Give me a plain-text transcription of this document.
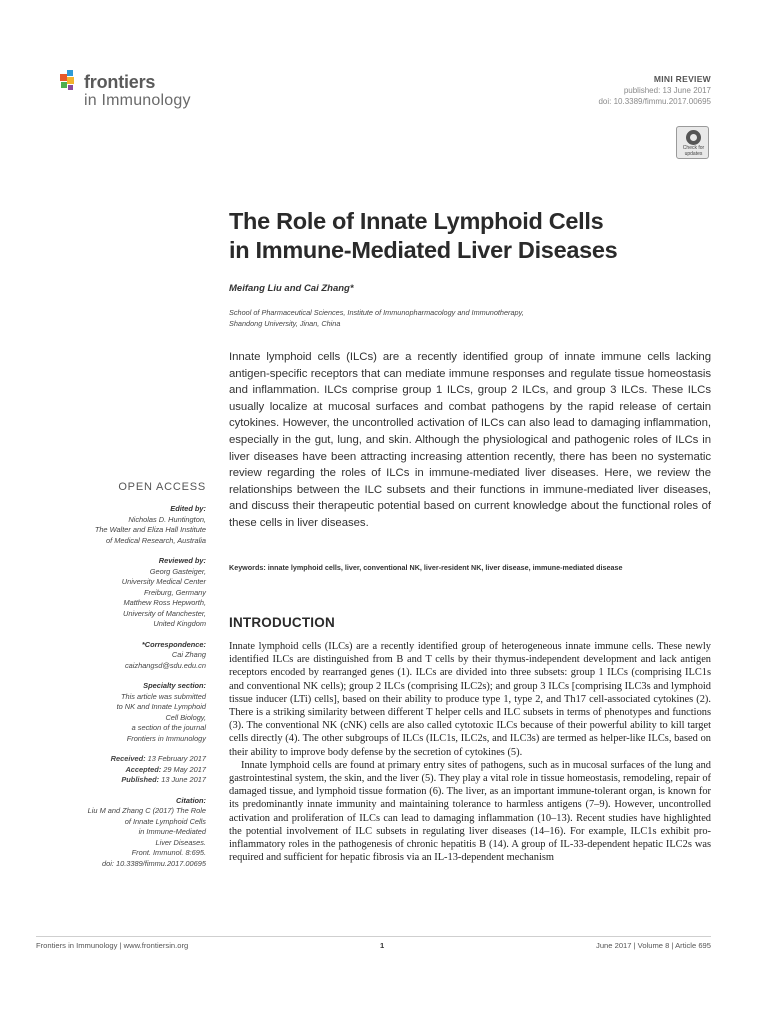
frontiers
in Immunology
MINI REVIEW
published: 13 June 2017
doi: 10.3389/fimmu.2017.00695
Check for
updates
The Role of Innate Lymphoid Cells
in Immune-Mediated Liver Diseases
Meifang Liu and Cai Zhang*
School of Pharmaceutical Sciences, Institute of Immunopharmacology and Immunotherapy,
Shandong University, Jinan, China
Innate lymphoid cells (ILCs) are a recently identified group of innate immune cells lacking antigen-specific receptors that can mediate immune responses and regulate tissue homeostasis and inflammation. ILCs comprise group 1 ILCs, group 2 ILCs, and group 3 ILCs. These ILCs usually localize at mucosal surfaces and combat pathogens by the rapid release of certain cytokines. However, the uncontrolled activation of ILCs can also lead to damaging inflammation, especially in the gut, lung, and skin. Although the physiological and pathogenic roles of ILCs in liver diseases have been attracting increasing attention recently, there has been no systematic review regarding the roles of ILCs in immune-mediated liver diseases. Here, we review the relationships between the ILC subsets and their functions in immune-mediated liver diseases, and discuss their therapeutic potential based on current knowledge about the functional roles of these cells in liver diseases.
Keywords: innate lymphoid cells, liver, conventional NK, liver-resident NK, liver disease, immune-mediated disease
OPEN ACCESS
Edited by:
Nicholas D. Huntington,
The Walter and Eliza Hall Institute
of Medical Research, Australia
Reviewed by:
Georg Gasteiger,
University Medical Center
Freiburg, Germany
Matthew Ross Hepworth,
University of Manchester,
United Kingdom
*Correspondence:
Cai Zhang
caizhangsd@sdu.edu.cn
Specialty section:
This article was submitted
to NK and Innate Lymphoid
Cell Biology,
a section of the journal
Frontiers in Immunology
Received: 13 February 2017
Accepted: 29 May 2017
Published: 13 June 2017
Citation:
Liu M and Zhang C (2017) The Role
of Innate Lymphoid Cells
in Immune-Mediated
Liver Diseases.
Front. Immunol. 8:695.
doi: 10.3389/fimmu.2017.00695
INTRODUCTION

Innate lymphoid cells (ILCs) are a recently identified group of heterogeneous innate immune cells. These newly identified ILCs are distinguished from B and T cells by their thymus-independent development and lack antigen receptors encoded by rearranged genes (1). ILCs are divided into three subsets: group 1 ILCs (comprising ILC1s and conventional NK cells); group 2 ILCs (comprising ILC2s); and group 3 ILCs [comprising ILC3s and lymphoid tissue inducer (LTi) cells], based on their ability to produce type 1, type 2, and Th17 cell-associated cytokines (2). There is a striking similarity between different T helper cells and ILC subsets in terms of phenotypes and functions (3). The conventional NK (cNK) cells are also called cytotoxic ILCs because of their powerful ability to kill target cells directly (4). The other subgroups of ILCs (ILC1s, ILC2s, and ILC3s) are termed as helper-like ILCs, based on their ability to improve body defense by the secretion of cytokines (5).

Innate lymphoid cells are found at primary entry sites of pathogens, such as in mucosal surfaces of the lung and gastrointestinal system, the skin, and the liver (5). They play a vital role in tissue homeostasis, remodeling, repair of damaged tissue, and lymphoid tissue formation (6). The liver, as an important immune-tolerant organ, is known for its predominantly innate immunity and maintaining tolerance to harmless antigens (7–9). However, uncontrolled activation and proliferation of ILCs can lead to damaging inflammation (10–13). Recent studies have highlighted the potential involvement of ILC subsets in regulating liver diseases (14–16). For example, ILC1s exhibit pro-inflammatory roles in the pathogenesis of chronic hepatitis B (14). A group of IL-33-dependent hepatic ILC2s was required and sufficient for hepatic fibrosis via an IL-13-dependent mechanism

Frontiers in Immunology | www.frontiersin.org	1	June 2017 | Volume 8 | Article 695
